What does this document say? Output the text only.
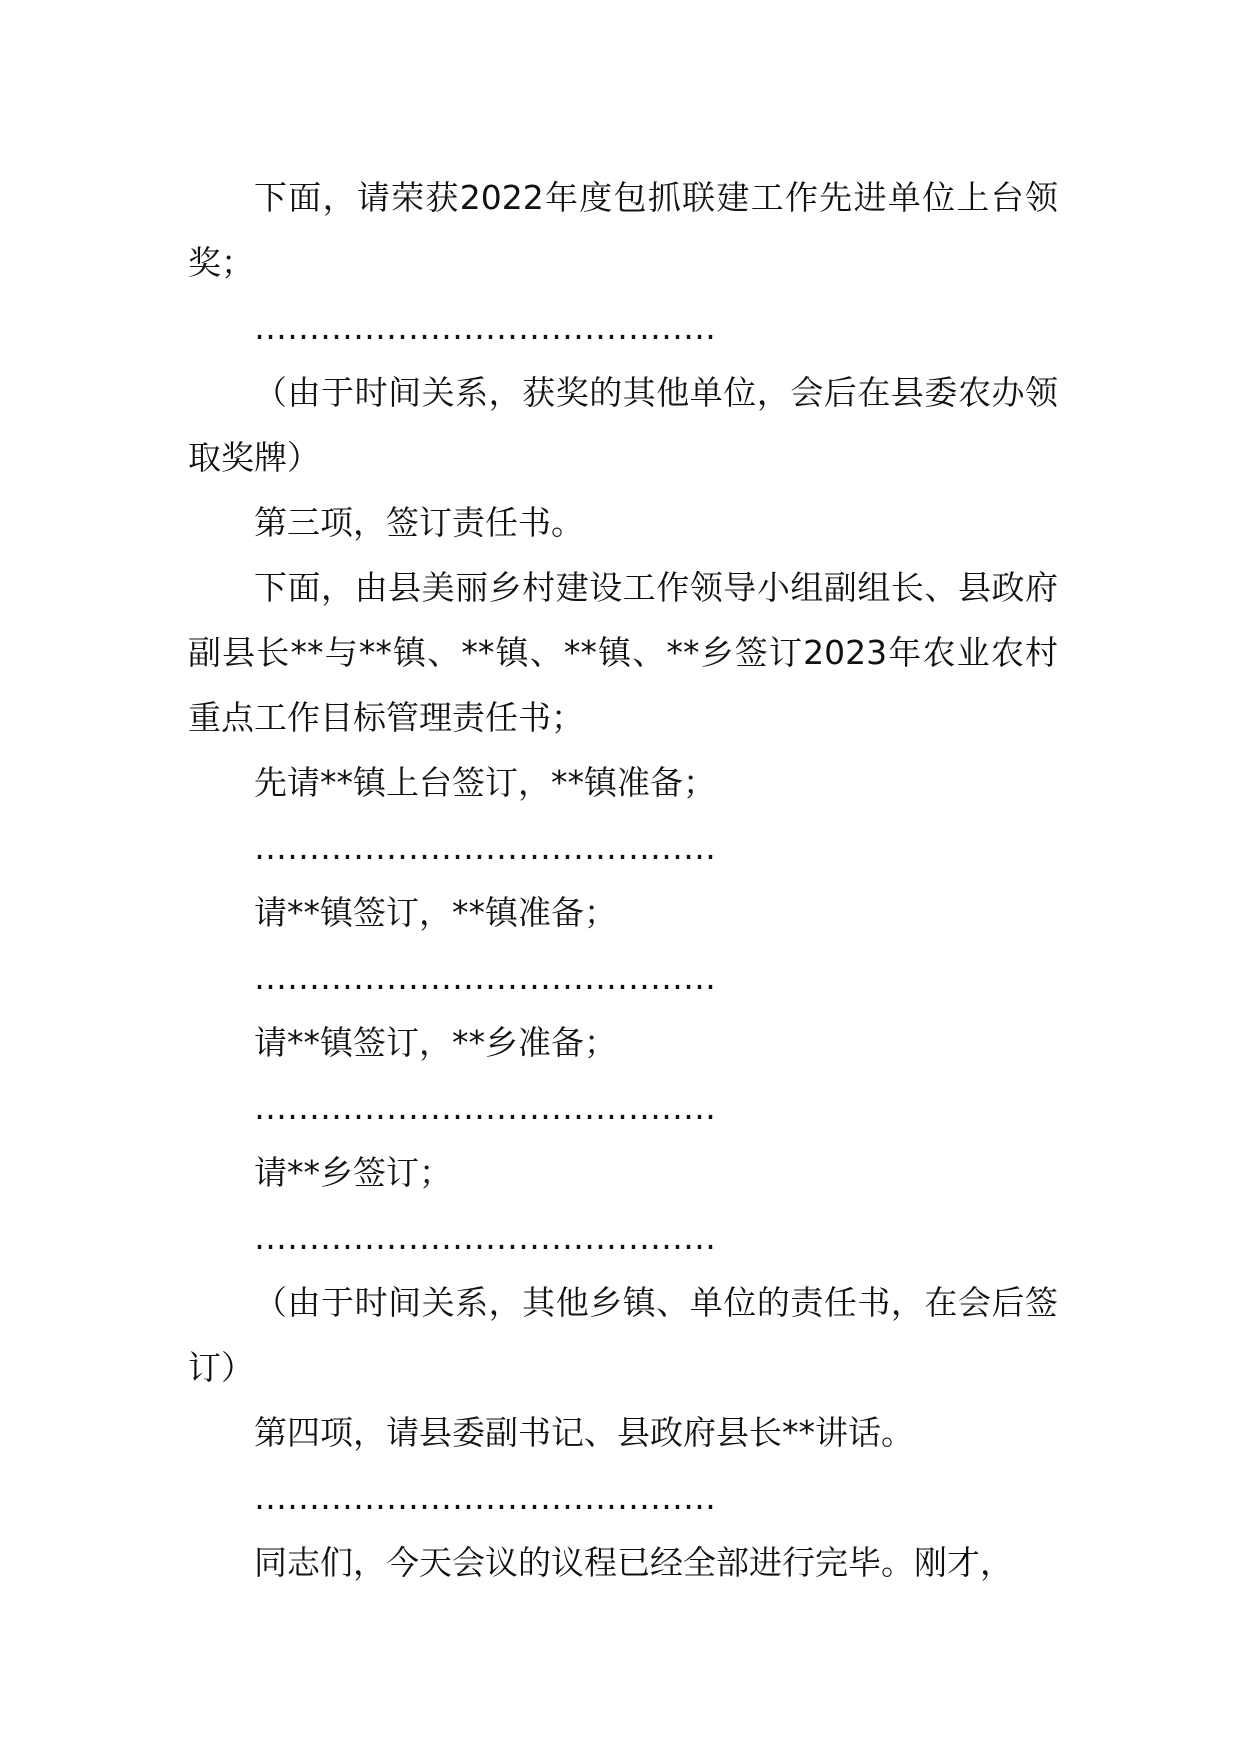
下面，请荣获2022年度包抓联建工作先进单位上台领奖；

……………………………………

（由于时间关系，获奖的其他单位，会后在县委农办领取奖牌）

第三项，签订责任书。

下面，由县美丽乡村建设工作领导小组副组长、县政府副县长**与**镇、**镇、**镇、**乡签订2023年农业农村重点工作目标管理责任书；

先请**镇上台签订，**镇准备；

……………………………………

请**镇签订，**镇准备；

……………………………………

请**镇签订，**乡准备；

……………………………………

请**乡签订；

……………………………………

（由于时间关系，其他乡镇、单位的责任书，在会后签订）

第四项，请县委副书记、县政府县长**讲话。

……………………………………

同志们，今天会议的议程已经全部进行完毕。刚才，
